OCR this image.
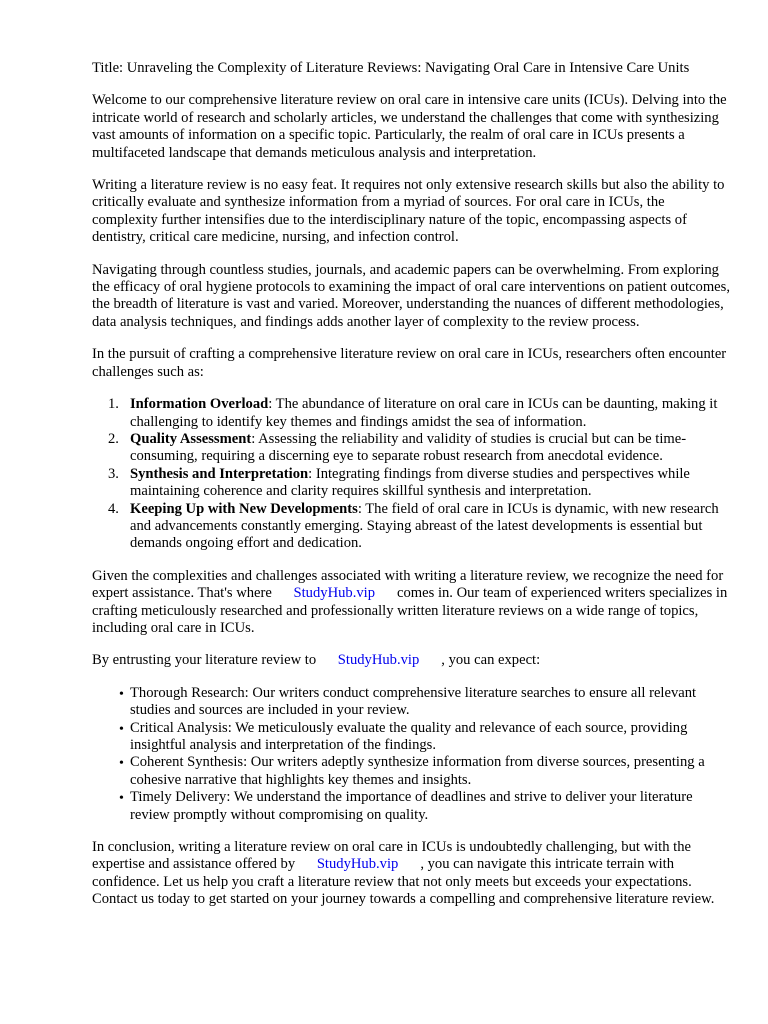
Title: Unraveling the Complexity of Literature Reviews: Navigating Oral Care in Intensive Care Units

Welcome to our comprehensive literature review on oral care in intensive care units (ICUs). Delving into the intricate world of research and scholarly articles, we understand the challenges that come with synthesizing vast amounts of information on a specific topic. Particularly, the realm of oral care in ICUs presents a multifaceted landscape that demands meticulous analysis and interpretation.

Writing a literature review is no easy feat. It requires not only extensive research skills but also the ability to critically evaluate and synthesize information from a myriad of sources. For oral care in ICUs, the complexity further intensifies due to the interdisciplinary nature of the topic, encompassing aspects of dentistry, critical care medicine, nursing, and infection control.

Navigating through countless studies, journals, and academic papers can be overwhelming. From exploring the efficacy of oral hygiene protocols to examining the impact of oral care interventions on patient outcomes, the breadth of literature is vast and varied. Moreover, understanding the nuances of different methodologies, data analysis techniques, and findings adds another layer of complexity to the review process.

In the pursuit of crafting a comprehensive literature review on oral care in ICUs, researchers often encounter challenges such as:

1. Information Overload: The abundance of literature on oral care in ICUs can be daunting, making it challenging to identify key themes and findings amidst the sea of information.
2. Quality Assessment: Assessing the reliability and validity of studies is crucial but can be time-consuming, requiring a discerning eye to separate robust research from anecdotal evidence.
3. Synthesis and Interpretation: Integrating findings from diverse studies and perspectives while maintaining coherence and clarity requires skillful synthesis and interpretation.
4. Keeping Up with New Developments: The field of oral care in ICUs is dynamic, with new research and advancements constantly emerging. Staying abreast of the latest developments is essential but demands ongoing effort and dedication.

Given the complexities and challenges associated with writing a literature review, we recognize the need for expert assistance. That's where StudyHub.vip comes in. Our team of experienced writers specializes in crafting meticulously researched and professionally written literature reviews on a wide range of topics, including oral care in ICUs.

By entrusting your literature review to StudyHub.vip , you can expect:

• Thorough Research: Our writers conduct comprehensive literature searches to ensure all relevant studies and sources are included in your review.
• Critical Analysis: We meticulously evaluate the quality and relevance of each source, providing insightful analysis and interpretation of the findings.
• Coherent Synthesis: Our writers adeptly synthesize information from diverse sources, presenting a cohesive narrative that highlights key themes and insights.
• Timely Delivery: We understand the importance of deadlines and strive to deliver your literature review promptly without compromising on quality.

In conclusion, writing a literature review on oral care in ICUs is undoubtedly challenging, but with the expertise and assistance offered by StudyHub.vip , you can navigate this intricate terrain with confidence. Let us help you craft a literature review that not only meets but exceeds your expectations. Contact us today to get started on your journey towards a compelling and comprehensive literature review.
